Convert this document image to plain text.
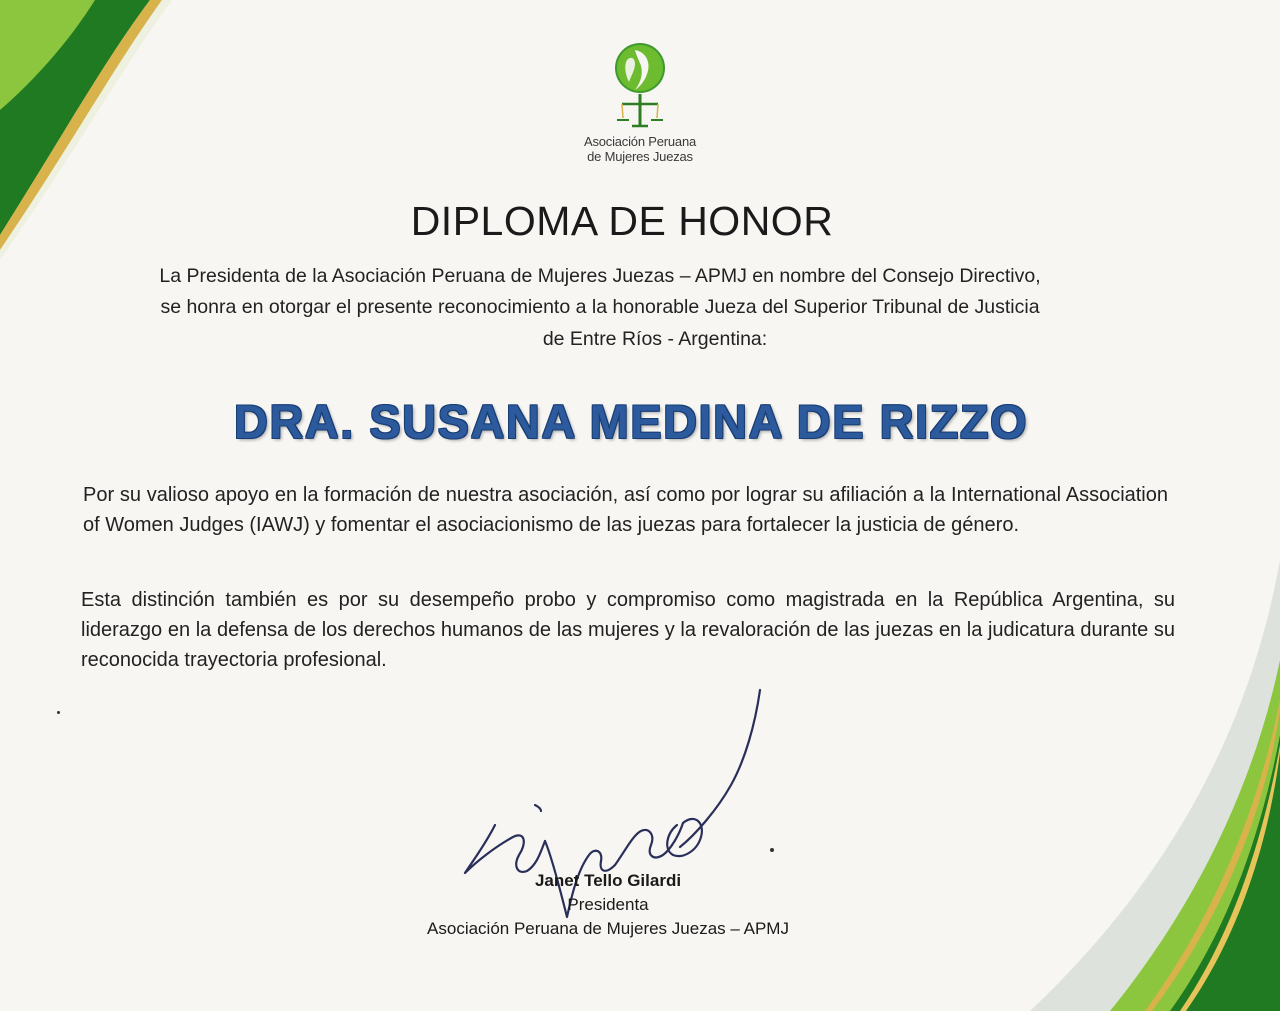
Asociación Peruana
de Mujeres Juezas
DIPLOMA DE HONOR
La Presidenta de la Asociación Peruana de Mujeres Juezas – APMJ en nombre del Consejo Directivo,
se honra en otorgar el presente reconocimiento a la honorable Jueza del Superior Tribunal de Justicia
de Entre Ríos - Argentina:
DRA. SUSANA MEDINA DE RIZZO
Por su valioso apoyo en la formación de nuestra asociación, así como por lograr su afiliación a la International Association of Women Judges (IAWJ) y fomentar el asociacionismo de las juezas para fortalecer la justicia de género.
Esta distinción también es por su desempeño probo y compromiso como magistrada en la República Argentina, su liderazgo en la defensa de los derechos humanos de las mujeres y la revaloración de las juezas en la judicatura durante su reconocida trayectoria profesional.
Janet Tello Gilardi
Presidenta
Asociación Peruana de Mujeres Juezas – APMJ
